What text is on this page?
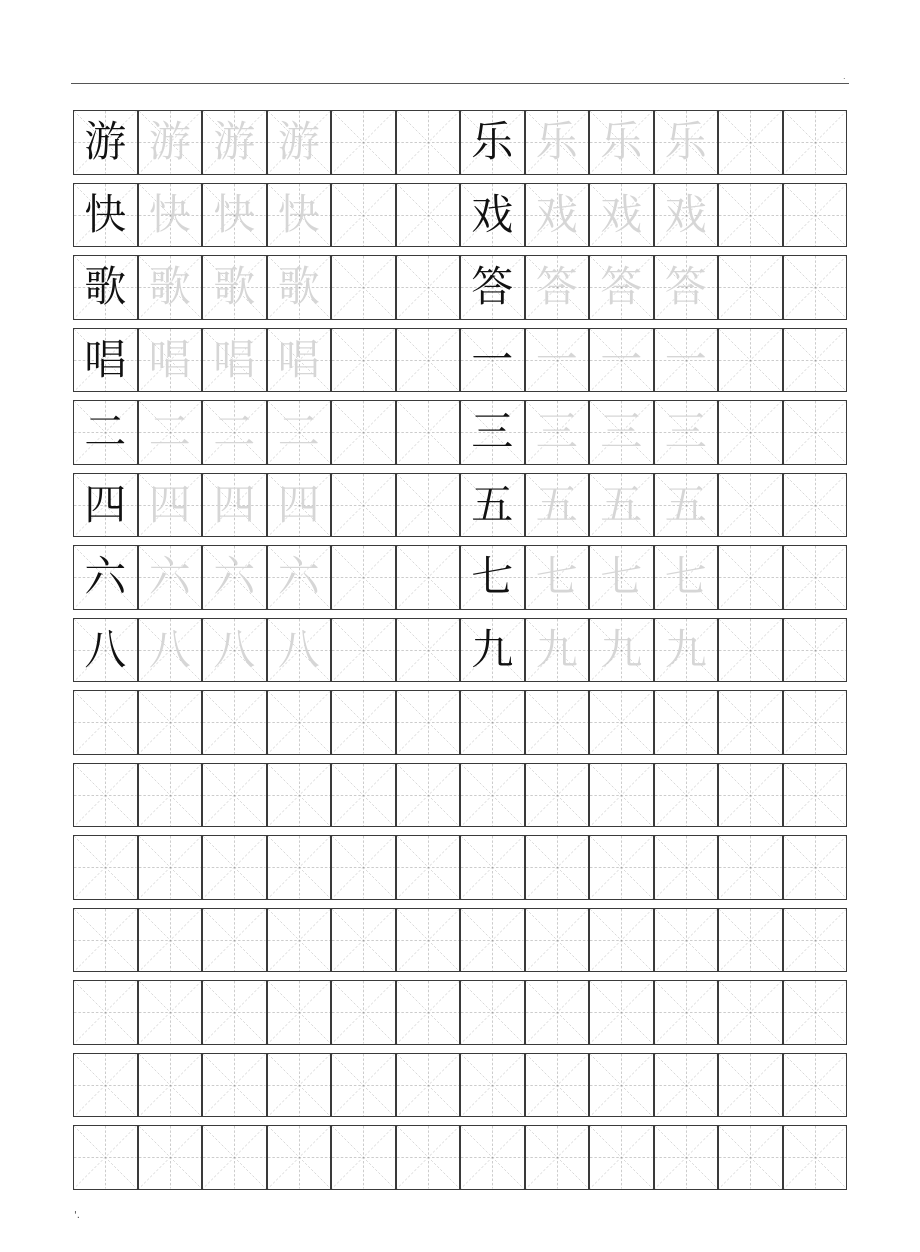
.
游 游 游 游	乐 乐 乐 乐
快 快 快 快	戏 戏 戏 戏
歌 歌 歌 歌	答 答 答 答
唱 唱 唱 唱	一 一 一 一
二 二 二 二	三 三 三 三
四 四 四 四	五 五 五 五
六 六 六 六	七 七 七 七
八 八 八 八	九 九 九 九
'.
